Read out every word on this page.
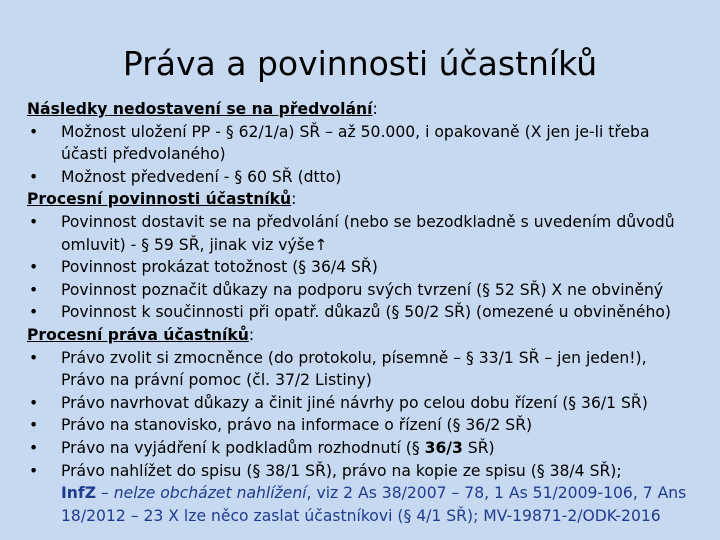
Práva a povinnosti účastníků
Následky nedostavení se na předvolání:
•	Možnost uložení PP - § 62/1/a) SŘ – až 50.000, i opakovaně (X jen je-li třeba
účasti předvolaného)
•	Možnost předvedení - § 60 SŘ (dtto)
Procesní povinnosti účastníků:
•	Povinnost dostavit se na předvolání (nebo se bezodkladně s uvedením důvodů
omluvit) - § 59 SŘ, jinak viz výše↑
•	Povinnost prokázat totožnost (§ 36/4 SŘ)
•	Povinnost poznačit důkazy na podporu svých tvrzení (§ 52 SŘ) X ne obviněný
•	Povinnost k součinnosti při opatř. důkazů (§ 50/2 SŘ) (omezené u obviněného)
Procesní práva účastníků:
•	Právo zvolit si zmocněnce (do protokolu, písemně – § 33/1 SŘ – jen jeden!),
Právo na právní pomoc (čl. 37/2 Listiny)
•	Právo navrhovat důkazy a činit jiné návrhy po celou dobu řízení (§ 36/1 SŘ)
•	Právo na stanovisko, právo na informace o řízení (§ 36/2 SŘ)
•	Právo na vyjádření k podkladům rozhodnutí (§ 36/3 SŘ)
•	Právo nahlížet do spisu (§ 38/1 SŘ), právo na kopie ze spisu (§ 38/4 SŘ);
InfZ – nelze obcházet nahlížení, viz 2 As 38/2007 – 78, 1 As 51/2009-106, 7 Ans
18/2012 – 23 X lze něco zaslat účastníkovi (§ 4/1 SŘ); MV-19871-2/ODK-2016
